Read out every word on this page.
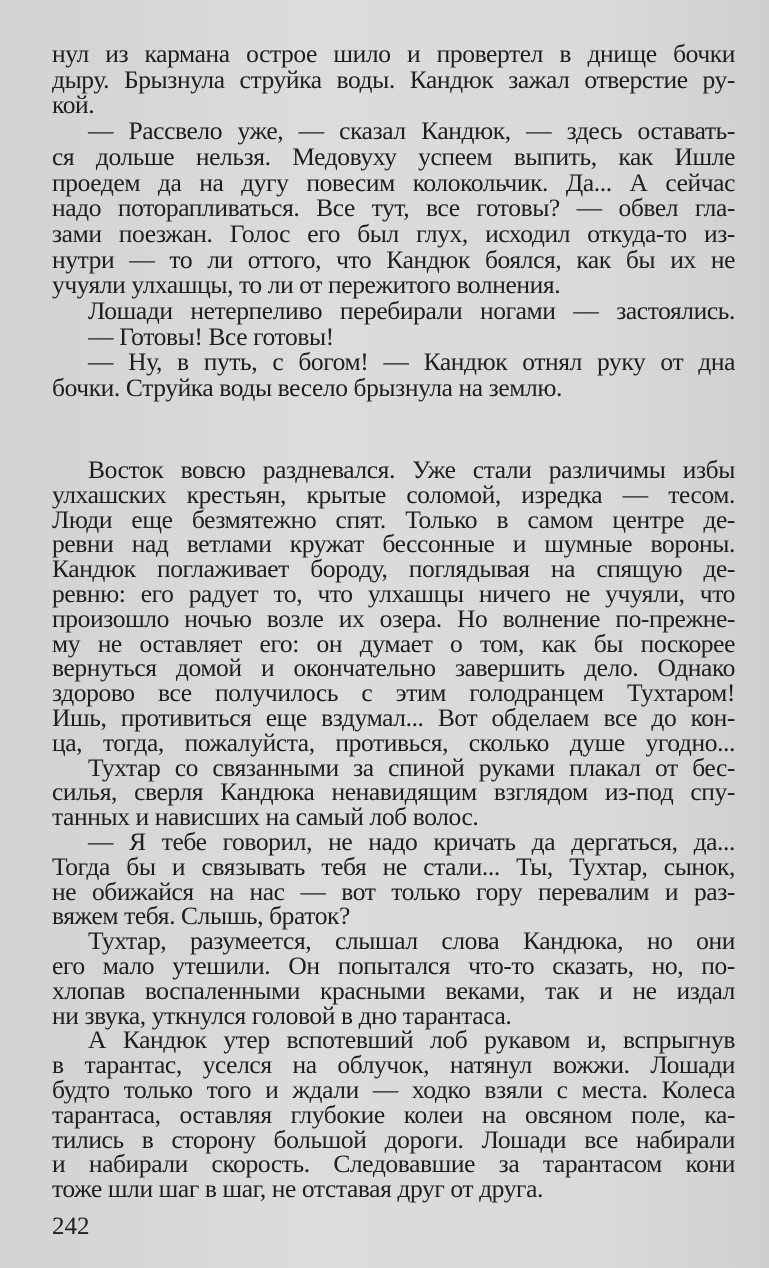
нул из кармана острое шило и провертел в днище бочки
дыру. Брызнула струйка воды. Кандюк зажал отверстие ру-
кой.
— Рассвело уже, — сказал Кандюк, — здесь оставать-
ся дольше нельзя. Медовуху успеем выпить, как Ишле
проедем да на дугу повесим колокольчик. Да... А сейчас
надо поторапливаться. Все тут, все готовы? — обвел гла-
зами поезжан. Голос его был глух, исходил откуда-то из-
нутри — то ли оттого, что Кандюк боялся, как бы их не
учуяли улхашцы, то ли от пережитого волнения.
Лошади нетерпеливо перебирали ногами — застоялись.
— Готовы! Все готовы!
— Ну, в путь, с богом! — Кандюк отнял руку от дна
бочки. Струйка воды весело брызнула на землю.
Восток вовсю раздневался. Уже стали различимы избы
улхашских крестьян, крытые соломой, изредка — тесом.
Люди еще безмятежно спят. Только в самом центре де-
ревни над ветлами кружат бессонные и шумные вороны.
Кандюк поглаживает бороду, поглядывая на спящую де-
ревню: его радует то, что улхашцы ничего не учуяли, что
произошло ночью возле их озера. Но волнение по-прежне-
му не оставляет его: он думает о том, как бы поскорее
вернуться домой и окончательно завершить дело. Однако
здорово все получилось с этим голодранцем Тухтаром!
Ишь, противиться еще вздумал... Вот обделаем все до кон-
ца, тогда, пожалуйста, противься, сколько душе угодно...
Тухтар со связанными за спиной руками плакал от бес-
силья, сверля Кандюка ненавидящим взглядом из-под спу-
танных и нависших на самый лоб волос.
— Я тебе говорил, не надо кричать да дергаться, да...
Тогда бы и связывать тебя не стали... Ты, Тухтар, сынок,
не обижайся на нас — вот только гору перевалим и раз-
вяжем тебя. Слышь, браток?
Тухтар, разумеется, слышал слова Кандюка, но они
его мало утешили. Он попытался что-то сказать, но, по-
хлопав воспаленными красными веками, так и не издал
ни звука, уткнулся головой в дно тарантаса.
А Кандюк утер вспотевший лоб рукавом и, вспрыгнув
в тарантас, уселся на облучок, натянул вожжи. Лошади
будто только того и ждали — ходко взяли с места. Колеса
тарантаса, оставляя глубокие колеи на овсяном поле, ка-
тились в сторону большой дороги. Лошади все набирали
и набирали скорость. Следовавшие за тарантасом кони
тоже шли шаг в шаг, не отставая друг от друга.
242
